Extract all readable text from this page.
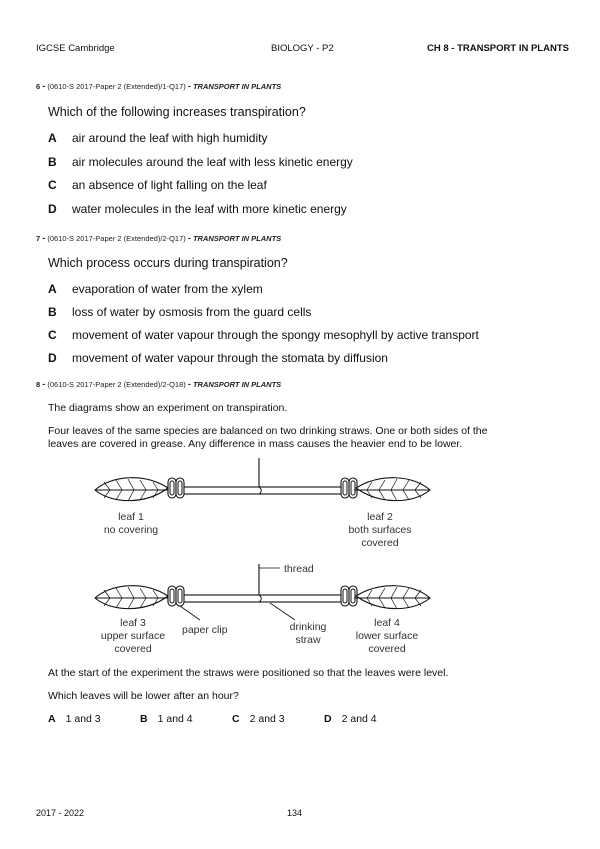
IGCSE Cambridge	BIOLOGY - P2	CH 8 - TRANSPORT IN PLANTS
6 - (0610-S 2017-Paper 2 (Extended)/1-Q17) - TRANSPORT IN PLANTS
Which of the following increases transpiration?
A air around the leaf with high humidity
B air molecules around the leaf with less kinetic energy
C an absence of light falling on the leaf
D water molecules in the leaf with more kinetic energy
7 - (0610-S 2017-Paper 2 (Extended)/2-Q17) - TRANSPORT IN PLANTS
Which process occurs during transpiration?
A evaporation of water from the xylem
B loss of water by osmosis from the guard cells
C movement of water vapour through the spongy mesophyll by active transport
D movement of water vapour through the stomata by diffusion
8 - (0610-S 2017-Paper 2 (Extended)/2-Q18) - TRANSPORT IN PLANTS
The diagrams show an experiment on transpiration.
Four leaves of the same species are balanced on two drinking straws. One or both sides of the
leaves are covered in grease. Any difference in mass causes the heavier end to be lower.
leaf 1
no covering
leaf 2
both surfaces
covered
thread
leaf 3
upper surface
covered
paper clip	drinking
straw
leaf 4
lower surface
covered
At the start of the experiment the straws were positioned so that the leaves were level.
Which leaves will be lower after an hour?
A 1 and 3	B 1 and 4	C 2 and 3	D 2 and 4
2017 - 2022	134
